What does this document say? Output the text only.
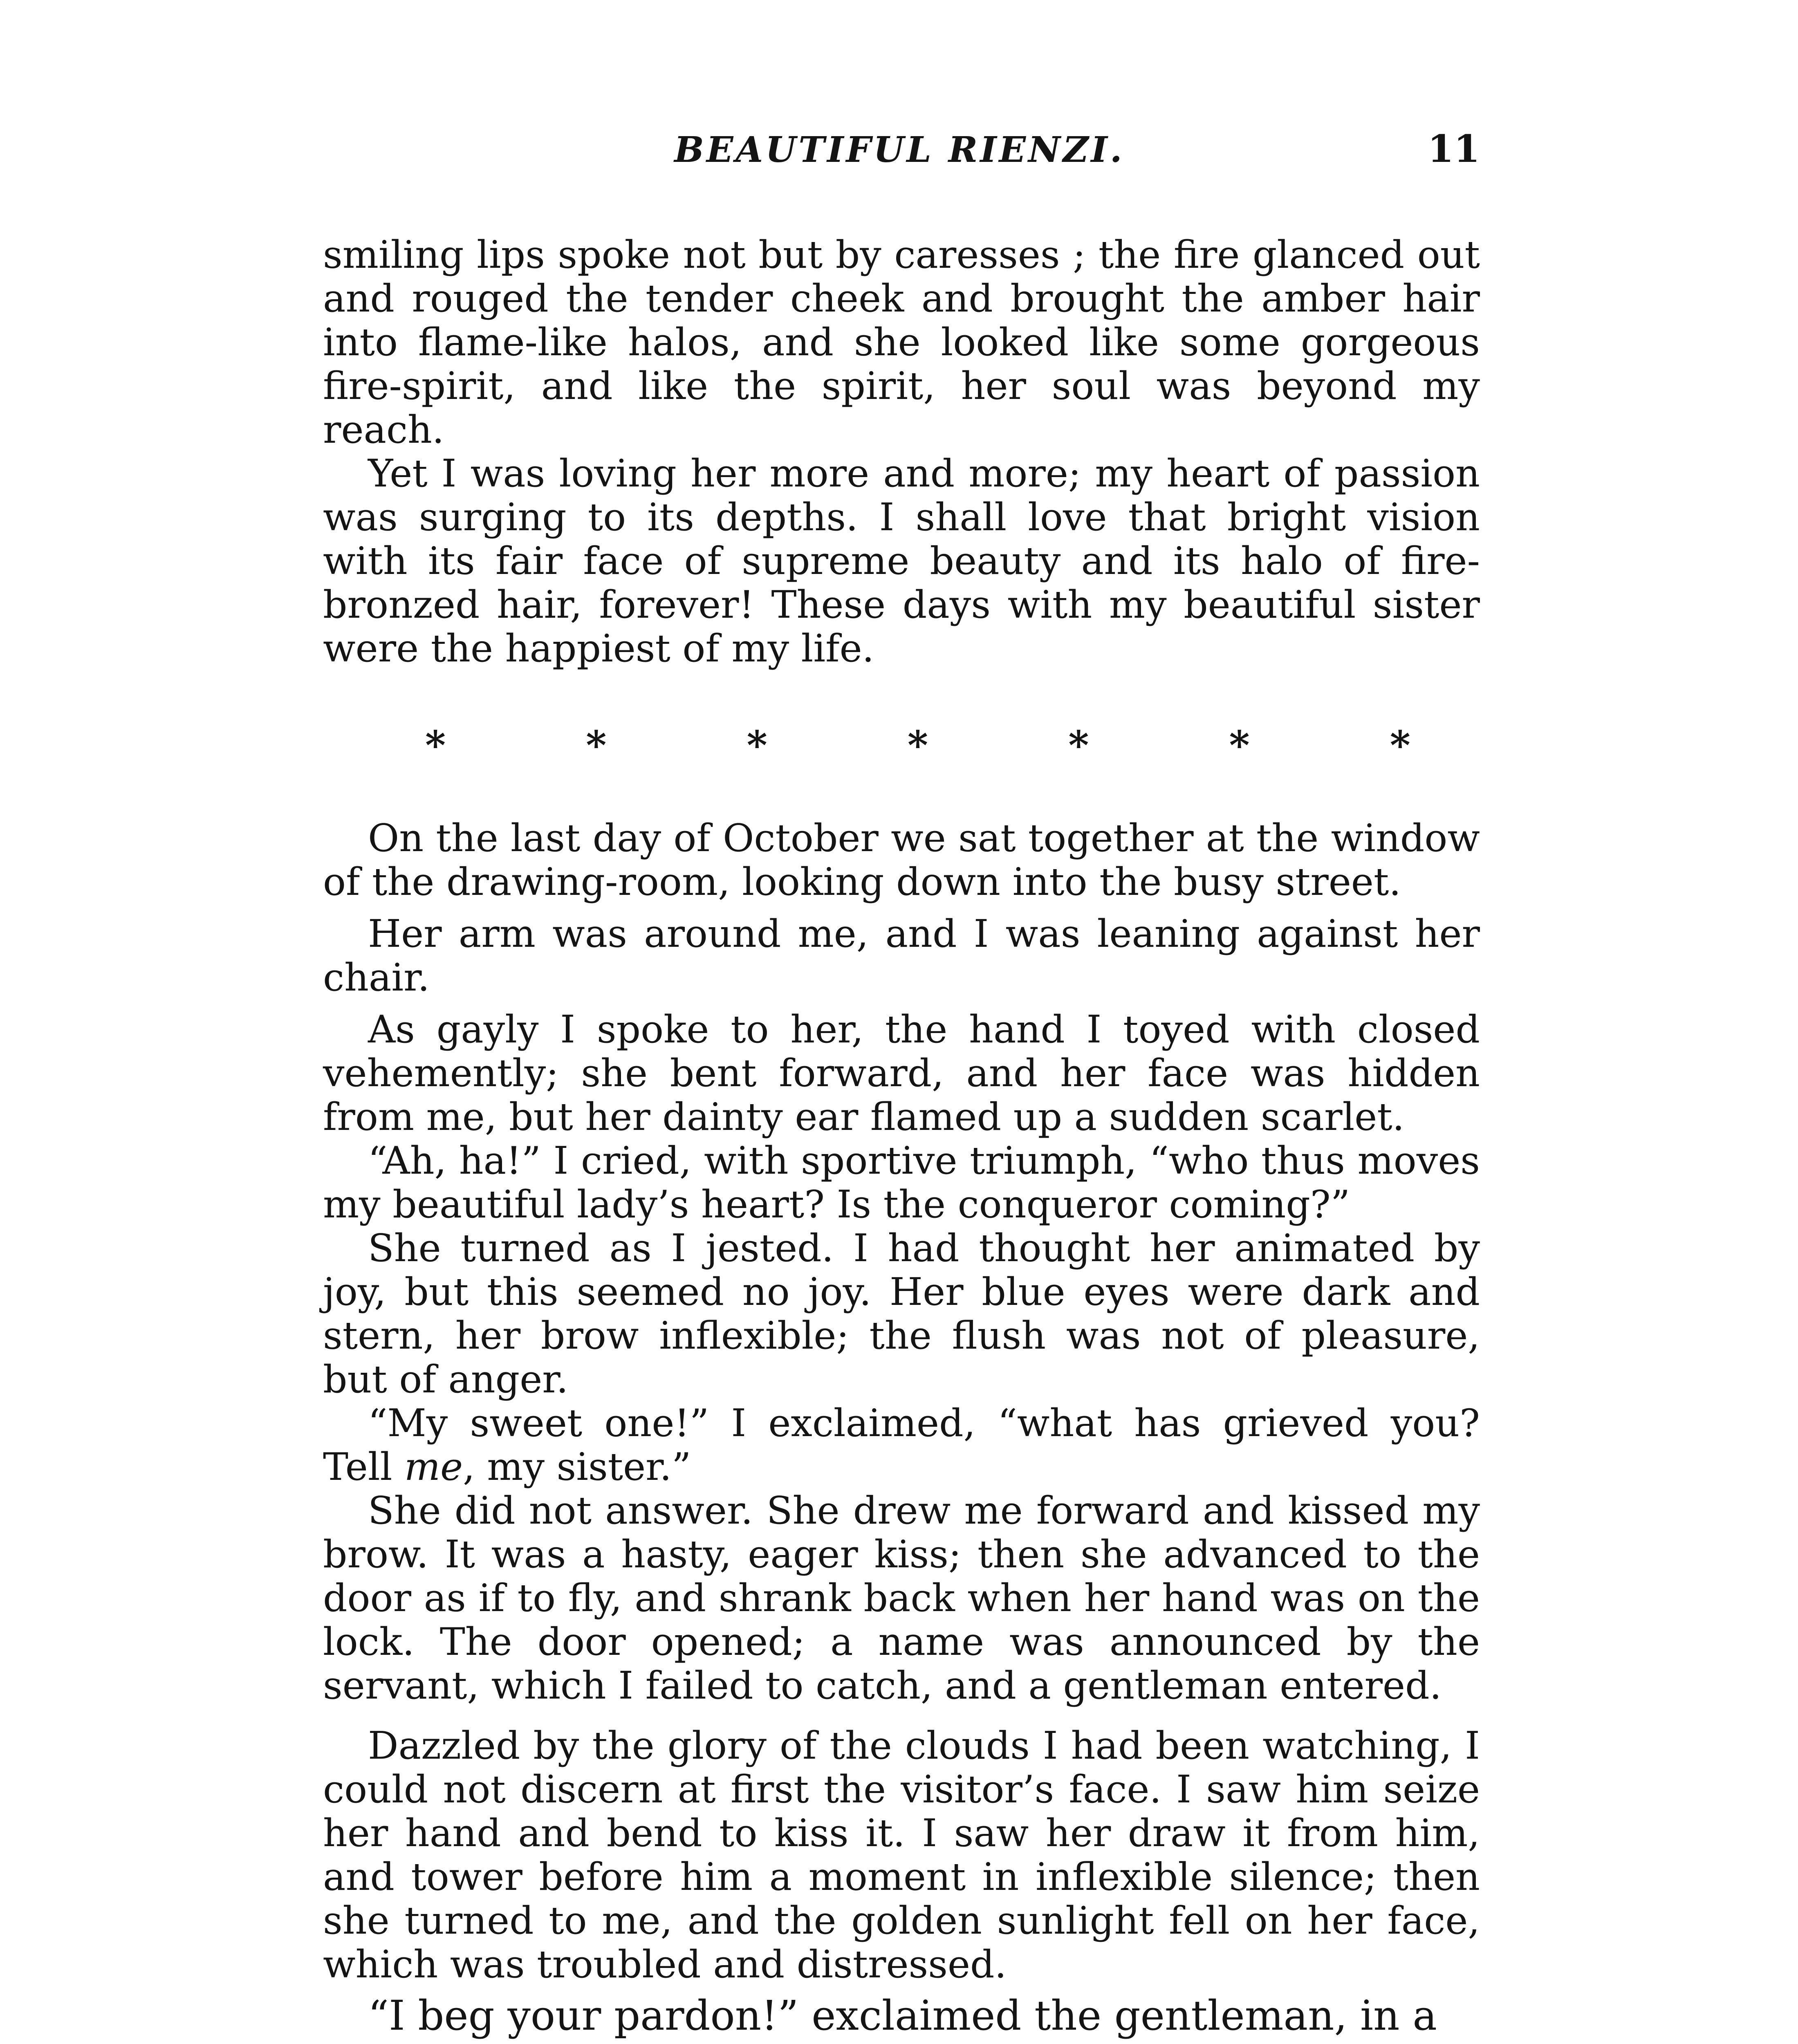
BEAUTIFUL RIENZI.	11

smiling lips spoke not but by caresses ; the fire glanced out and rouged the tender cheek and brought the amber hair into flame-like halos, and she looked like some gorgeous fire-spirit, and like the spirit, her soul was beyond my reach.

Yet I was loving her more and more; my heart of passion was surging to its depths. I shall love that bright vision with its fair face of supreme beauty and its halo of fire-bronzed hair, forever! These days with my beautiful sister were the happiest of my life.

*	*	*	*	*	*	*

On the last day of October we sat together at the window of the drawing-room, looking down into the busy street.

Her arm was around me, and I was leaning against her chair.

As gayly I spoke to her, the hand I toyed with closed vehemently; she bent forward, and her face was hidden from me, but her dainty ear flamed up a sudden scarlet.

“Ah, ha!” I cried, with sportive triumph, “who thus moves my beautiful lady’s heart? Is the conqueror coming?”

She turned as I jested. I had thought her animated by joy, but this seemed no joy. Her blue eyes were dark and stern, her brow inflexible; the flush was not of pleasure, but of anger.

“My sweet one!” I exclaimed, “what has grieved you? Tell me, my sister.”

She did not answer. She drew me forward and kissed my brow. It was a hasty, eager kiss; then she advanced to the door as if to fly, and shrank back when her hand was on the lock. The door opened; a name was announced by the servant, which I failed to catch, and a gentleman entered.

Dazzled by the glory of the clouds I had been watching, I could not discern at first the visitor’s face. I saw him seize her hand and bend to kiss it. I saw her draw it from him, and tower before him a moment in inflexible silence; then she turned to me, and the golden sunlight fell on her face, which was troubled and distressed.

“I beg your pardon!” exclaimed the gentleman, in a
